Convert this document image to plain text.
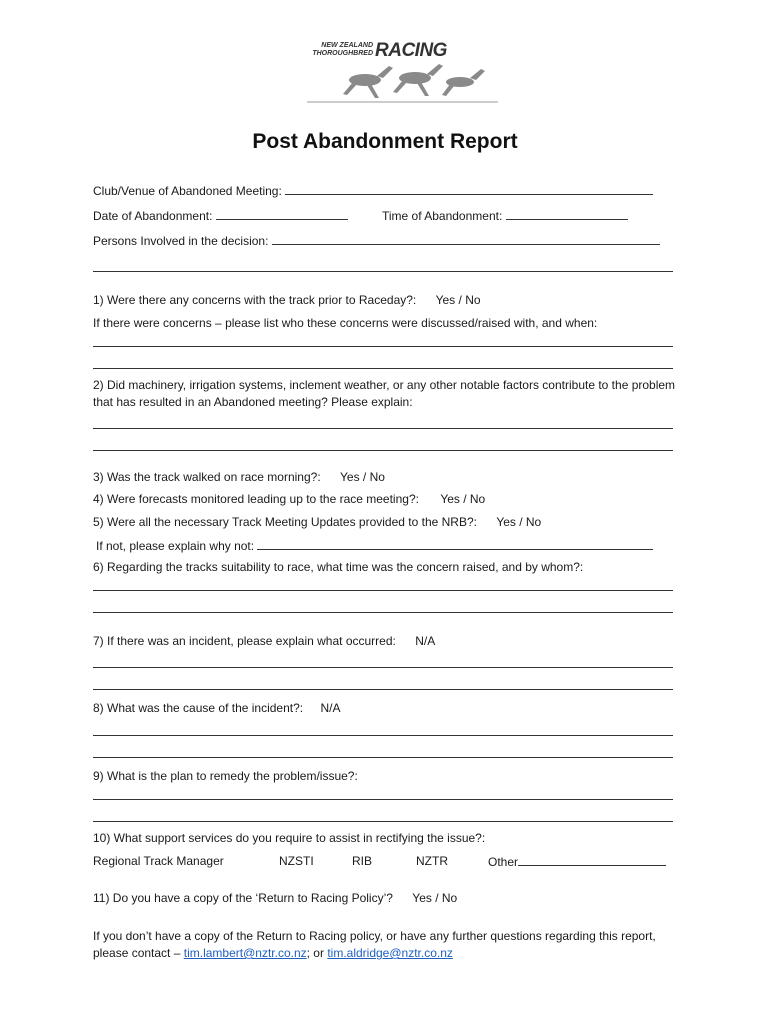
NEW ZEALAND
THOROUGHBRED RACING
Post Abandonment Report
Club/Venue of Abandoned Meeting:
Date of Abandonment:	Time of Abandonment:
Persons Involved in the decision:
1) Were there any concerns with the track prior to Raceday?: Yes / No
If there were concerns – please list who these concerns were discussed/raised with, and when:
2) Did machinery, irrigation systems, inclement weather, or any other notable factors contribute to the problem that has resulted in an Abandoned meeting? Please explain:
3) Was the track walked on race morning?: Yes / No
4) Were forecasts monitored leading up to the race meeting?: Yes / No
5) Were all the necessary Track Meeting Updates provided to the NRB?: Yes / No
If not, please explain why not:
6) Regarding the tracks suitability to race, what time was the concern raised, and by whom?:
7) If there was an incident, please explain what occurred: N/A
8) What was the cause of the incident?: N/A
9) What is the plan to remedy the problem/issue?:
10) What support services do you require to assist in rectifying the issue?:
Regional Track Manager	NZSTI	RIB	NZTR	Other
11) Do you have a copy of the ‘Return to Racing Policy’? Yes / No
If you don’t have a copy of the Return to Racing policy, or have any further questions regarding this report, please contact – tim.lambert@nztr.co.nz; or tim.aldridge@nztr.co.nz
